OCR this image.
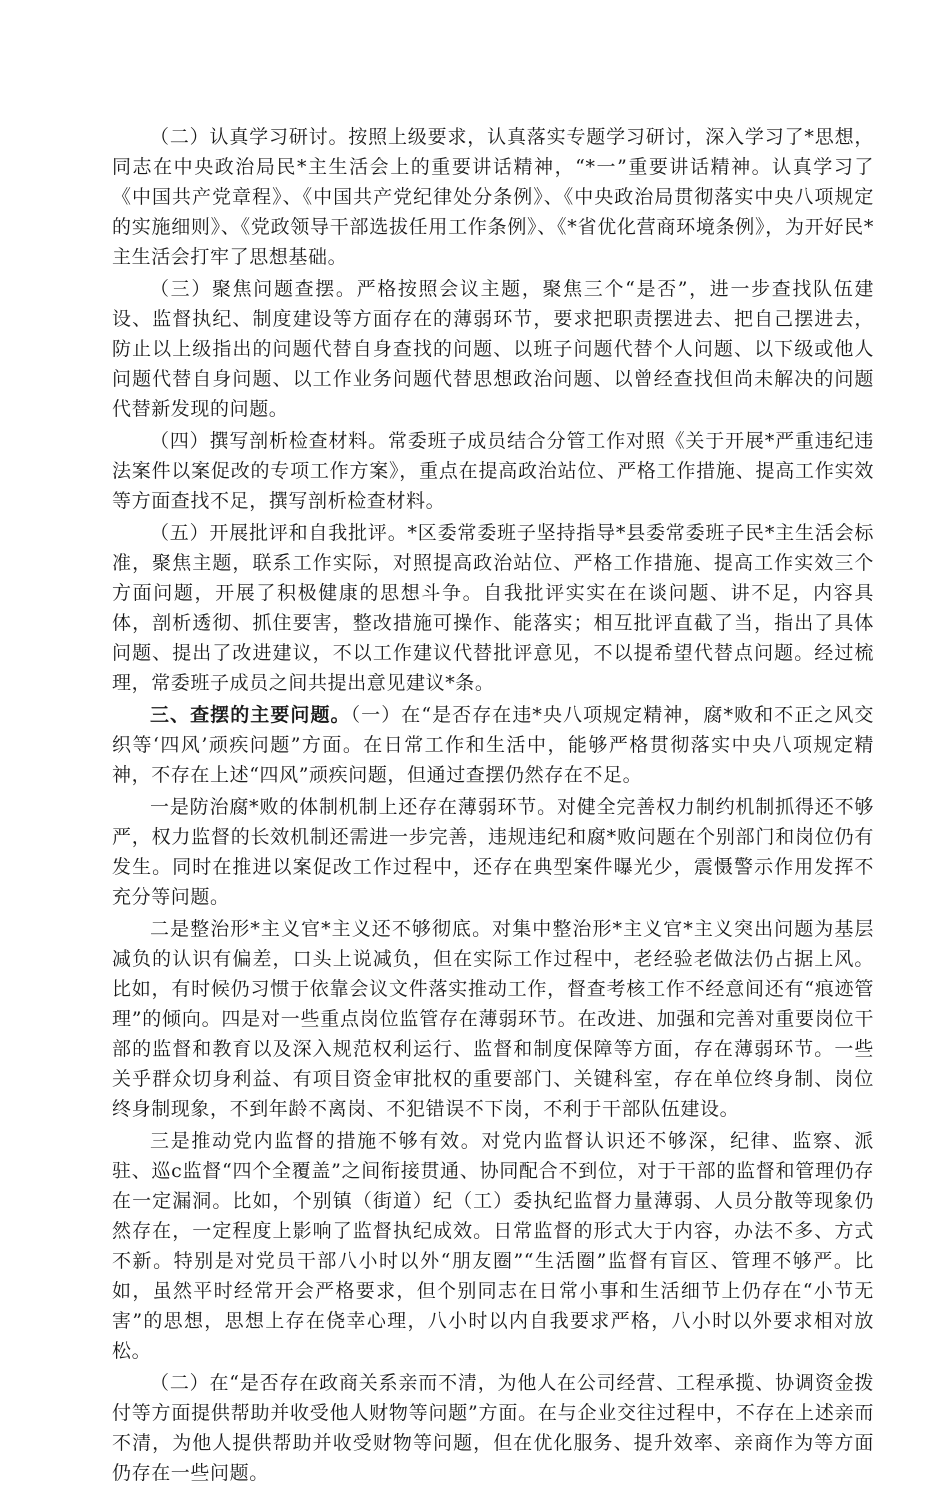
（二）认真学习研讨。按照上级要求，认真落实专题学习研讨，深入学习了*思想，同志在中央政治局民*主生活会上的重要讲话精神，“*一”重要讲话精神。认真学习了《中国共产党章程》、《中国共产党纪律处分条例》、《中央政治局贯彻落实中央八项规定的实施细则》、《党政领导干部选拔任用工作条例》、《*省优化营商环境条例》，为开好民*主生活会打牢了思想基础。

（三）聚焦问题查摆。严格按照会议主题，聚焦三个“是否”，进一步查找队伍建设、监督执纪、制度建设等方面存在的薄弱环节，要求把职责摆进去、把自己摆进去，防止以上级指出的问题代替自身查找的问题、以班子问题代替个人问题、以下级或他人问题代替自身问题、以工作业务问题代替思想政治问题、以曾经查找但尚未解决的问题代替新发现的问题。

（四）撰写剖析检查材料。常委班子成员结合分管工作对照《关于开展*严重违纪违法案件以案促改的专项工作方案》，重点在提高政治站位、严格工作措施、提高工作实效等方面查找不足，撰写剖析检查材料。

（五）开展批评和自我批评。*区委常委班子坚持指导*县委常委班子民*主生活会标准，聚焦主题，联系工作实际，对照提高政治站位、严格工作措施、提高工作实效三个方面问题，开展了积极健康的思想斗争。自我批评实实在在谈问题、讲不足，内容具体，剖析透彻、抓住要害，整改措施可操作、能落实；相互批评直截了当，指出了具体问题、提出了改进建议，不以工作建议代替批评意见，不以提希望代替点问题。经过梳理，常委班子成员之间共提出意见建议*条。

三、查摆的主要问题。（一）在“是否存在违*央八项规定精神，腐*败和不正之风交织等‘四风’顽疾问题”方面。在日常工作和生活中，能够严格贯彻落实中央八项规定精神，不存在上述“四风”顽疾问题，但通过查摆仍然存在不足。

一是防治腐*败的体制机制上还存在薄弱环节。对健全完善权力制约机制抓得还不够严，权力监督的长效机制还需进一步完善，违规违纪和腐*败问题在个别部门和岗位仍有发生。同时在推进以案促改工作过程中，还存在典型案件曝光少，震慑警示作用发挥不充分等问题。

二是整治形*主义官*主义还不够彻底。对集中整治形*主义官*主义突出问题为基层减负的认识有偏差，口头上说减负，但在实际工作过程中，老经验老做法仍占据上风。比如，有时候仍习惯于依靠会议文件落实推动工作，督查考核工作不经意间还有“痕迹管理”的倾向。四是对一些重点岗位监管存在薄弱环节。在改进、加强和完善对重要岗位干部的监督和教育以及深入规范权利运行、监督和制度保障等方面，存在薄弱环节。一些关乎群众切身利益、有项目资金审批权的重要部门、关键科室，存在单位终身制、岗位终身制现象，不到年龄不离岗、不犯错误不下岗，不利于干部队伍建设。

三是推动党内监督的措施不够有效。对党内监督认识还不够深，纪律、监察、派驻、巡c监督“四个全覆盖”之间衔接贯通、协同配合不到位，对于干部的监督和管理仍存在一定漏洞。比如，个别镇（街道）纪（工）委执纪监督力量薄弱、人员分散等现象仍然存在，一定程度上影响了监督执纪成效。日常监督的形式大于内容，办法不多、方式不新。特别是对党员干部八小时以外“朋友圈”“生活圈”监督有盲区、管理不够严。比如，虽然平时经常开会严格要求，但个别同志在日常小事和生活细节上仍存在“小节无害”的思想，思想上存在侥幸心理，八小时以内自我要求严格，八小时以外要求相对放松。

（二）在“是否存在政商关系亲而不清，为他人在公司经营、工程承揽、协调资金拨付等方面提供帮助并收受他人财物等问题”方面。在与企业交往过程中，不存在上述亲而不清，为他人提供帮助并收受财物等问题，但在优化服务、提升效率、亲商作为等方面仍存在一些问题。
